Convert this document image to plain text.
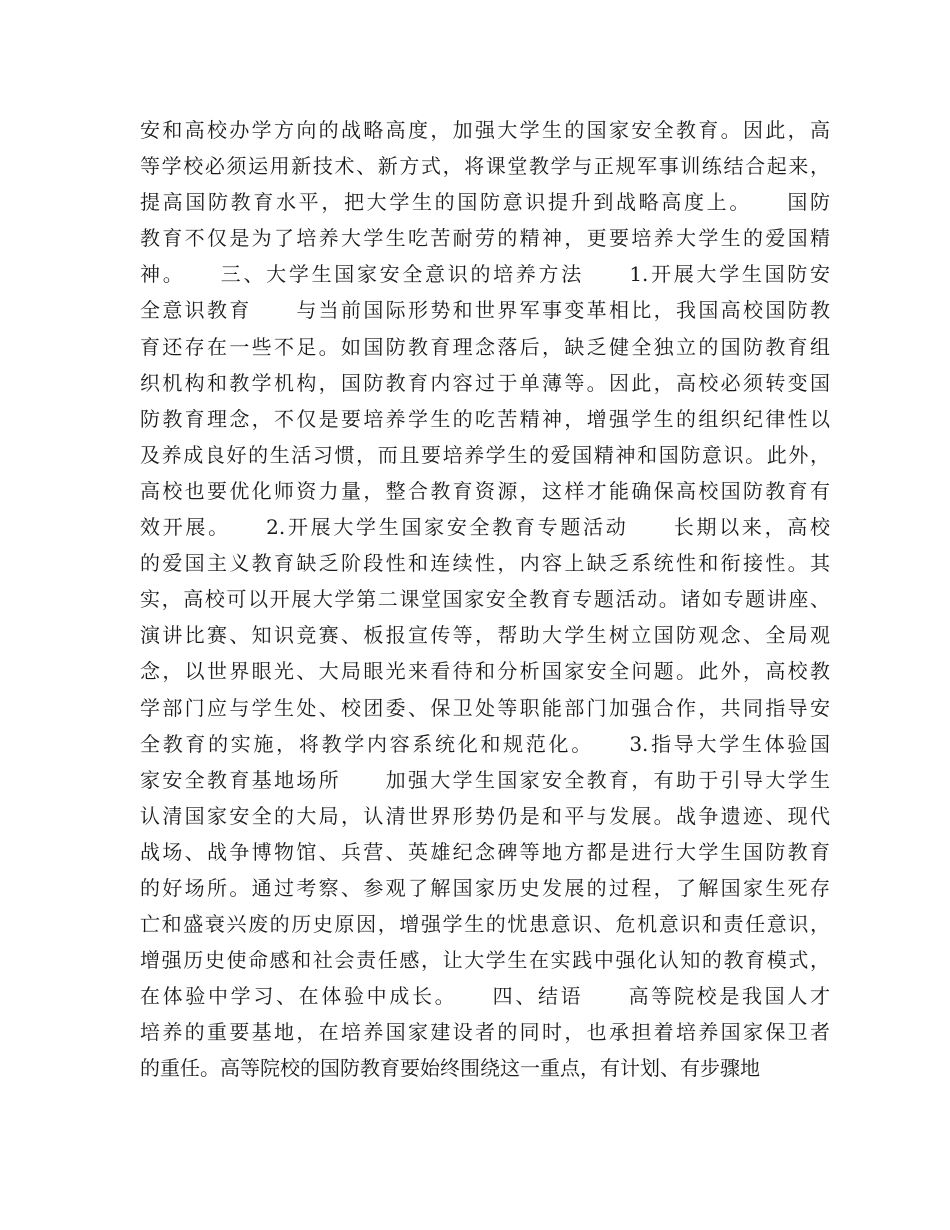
安和高校办学方向的战略高度，加强大学生的国家安全教育。因此，高
等学校必须运用新技术、新方式，将课堂教学与正规军事训练结合起来，
提高国防教育水平，把大学生的国防意识提升到战略高度上。　　国防
教育不仅是为了培养大学生吃苦耐劳的精神，更要培养大学生的爱国精
神。　　三、大学生国家安全意识的培养方法　　1.开展大学生国防安
全意识教育　　与当前国际形势和世界军事变革相比，我国高校国防教
育还存在一些不足。如国防教育理念落后，缺乏健全独立的国防教育组
织机构和教学机构，国防教育内容过于单薄等。因此，高校必须转变国
防教育理念，不仅是要培养学生的吃苦精神，增强学生的组织纪律性以
及养成良好的生活习惯，而且要培养学生的爱国精神和国防意识。此外，
高校也要优化师资力量，整合教育资源，这样才能确保高校国防教育有
效开展。　　2.开展大学生国家安全教育专题活动　　长期以来，高校
的爱国主义教育缺乏阶段性和连续性，内容上缺乏系统性和衔接性。其
实，高校可以开展大学第二课堂国家安全教育专题活动。诸如专题讲座、
演讲比赛、知识竞赛、板报宣传等，帮助大学生树立国防观念、全局观
念，以世界眼光、大局眼光来看待和分析国家安全问题。此外，高校教
学部门应与学生处、校团委、保卫处等职能部门加强合作，共同指导安
全教育的实施，将教学内容系统化和规范化。　　3.指导大学生体验国
家安全教育基地场所　　加强大学生国家安全教育，有助于引导大学生
认清国家安全的大局，认清世界形势仍是和平与发展。战争遗迹、现代
战场、战争博物馆、兵营、英雄纪念碑等地方都是进行大学生国防教育
的好场所。通过考察、参观了解国家历史发展的过程，了解国家生死存
亡和盛衰兴废的历史原因，增强学生的忧患意识、危机意识和责任意识，
增强历史使命感和社会责任感，让大学生在实践中强化认知的教育模式，
在体验中学习、在体验中成长。　　四、结语　　高等院校是我国人才
培养的重要基地，在培养国家建设者的同时，也承担着培养国家保卫者
的重任。高等院校的国防教育要始终围绕这一重点，有计划、有步骤地
